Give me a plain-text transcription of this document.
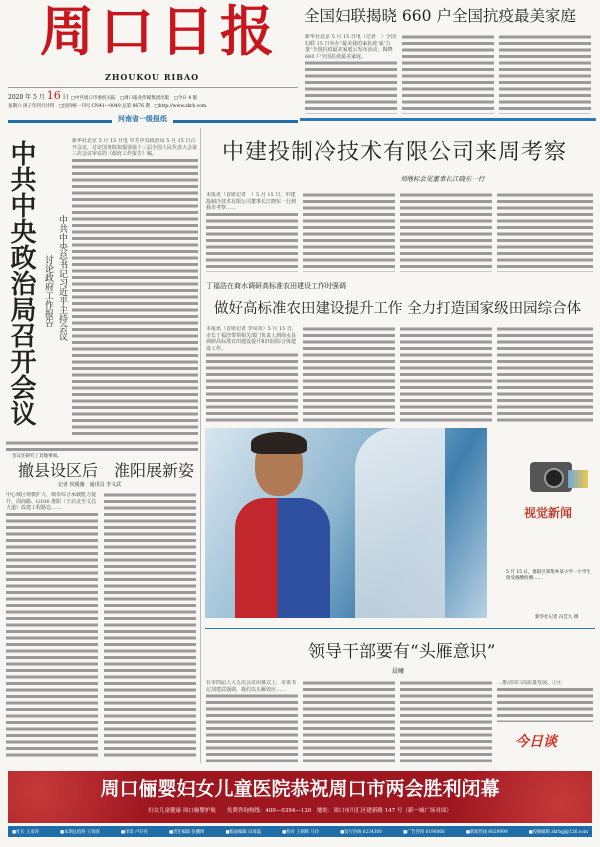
周口日报
ZHOUKOU RIBAO
2020 年 5 月 16 日 □中共周口市委机关报　□周口报业传媒集团出版　□今日 4 版
星期六 庚子年四月廿四　 □国内统一刊号 CN41—0049 总第 8676 期　□http://www.zkrb.com
河南省一级报纸
全国妇联揭晓 660 户全国抗疫最美家庭
新华社北京 5 月 15 日电（记者　）全国妇联 15 日举办“最美我的家抗疫‘家’力量”全国抗疫最美家庭云发布活动，揭晓 660 户全国抗疫最美家庭。
中共中央政治局召开会议 中共中央总书记习近平主持会议
讨论政府工作报告
新华社北京 5 月 15 日电 中共中央政治局 5 月 15 日召开会议，讨论国务院拟提请第十三届全国人民代表大会第三次会议审议的《政府工作报告》稿。
会议还研究了其他事项。
撤县设区后　淮阳展新姿
记者 侯俊豫　通讯员 李文武
中心城区规模扩大，城市综合承载能力提升，周商路、G106 淮阳（王店北至文昌大道）改建工程路边……
中建投制冷技术有限公司来周考察
刘继标会见董事长江晓东一行
本报讯（首席记者　）5 月 15 日，中建投制冷技术有限公司董事长江晓东一行到我市考察……
丁福浩在商水调研高标准农田建设工作时强调
做好高标准农田建设提升工作 全力打造国家级田园综合体
本报讯（首席记者 李凤章）5 月 15 日，市长丁福浩带领相关部门负责人到商水县调研高标准农田建设提升和田园综合体建设工作。
视觉新闻
5 月 15 日，淮阳区郑集乡某小学一小学生接受核酸检测……
新华社记者 冯艺九 摄
领导干部要有“头雁意识”
晨曦
在市四届人大五次会议闭幕式上，市委书记刘建武强调，我们以头雁效应……
…推动周口高质量发展。①④
今日谈
周口俪婴妇女儿童医院恭祝周口市两会胜利闭幕
妇女儿童健康 周口俪婴护航　　 免费咨询热线：400—0394—120　 地址：周口市川汇区建新路 147 号（新一城广场对面）
■社长 王彦涛	■本期总值班 王锦春	■审读 卢轩亮	■责任编辑 张鹏明	■版面编辑 田琦磊	■校对 王朝辉 马玲	■发行热线 6234300	■广告咨询 6190066	■新闻热线 6029999	■投稿邮箱 zkrbgj@126.com
